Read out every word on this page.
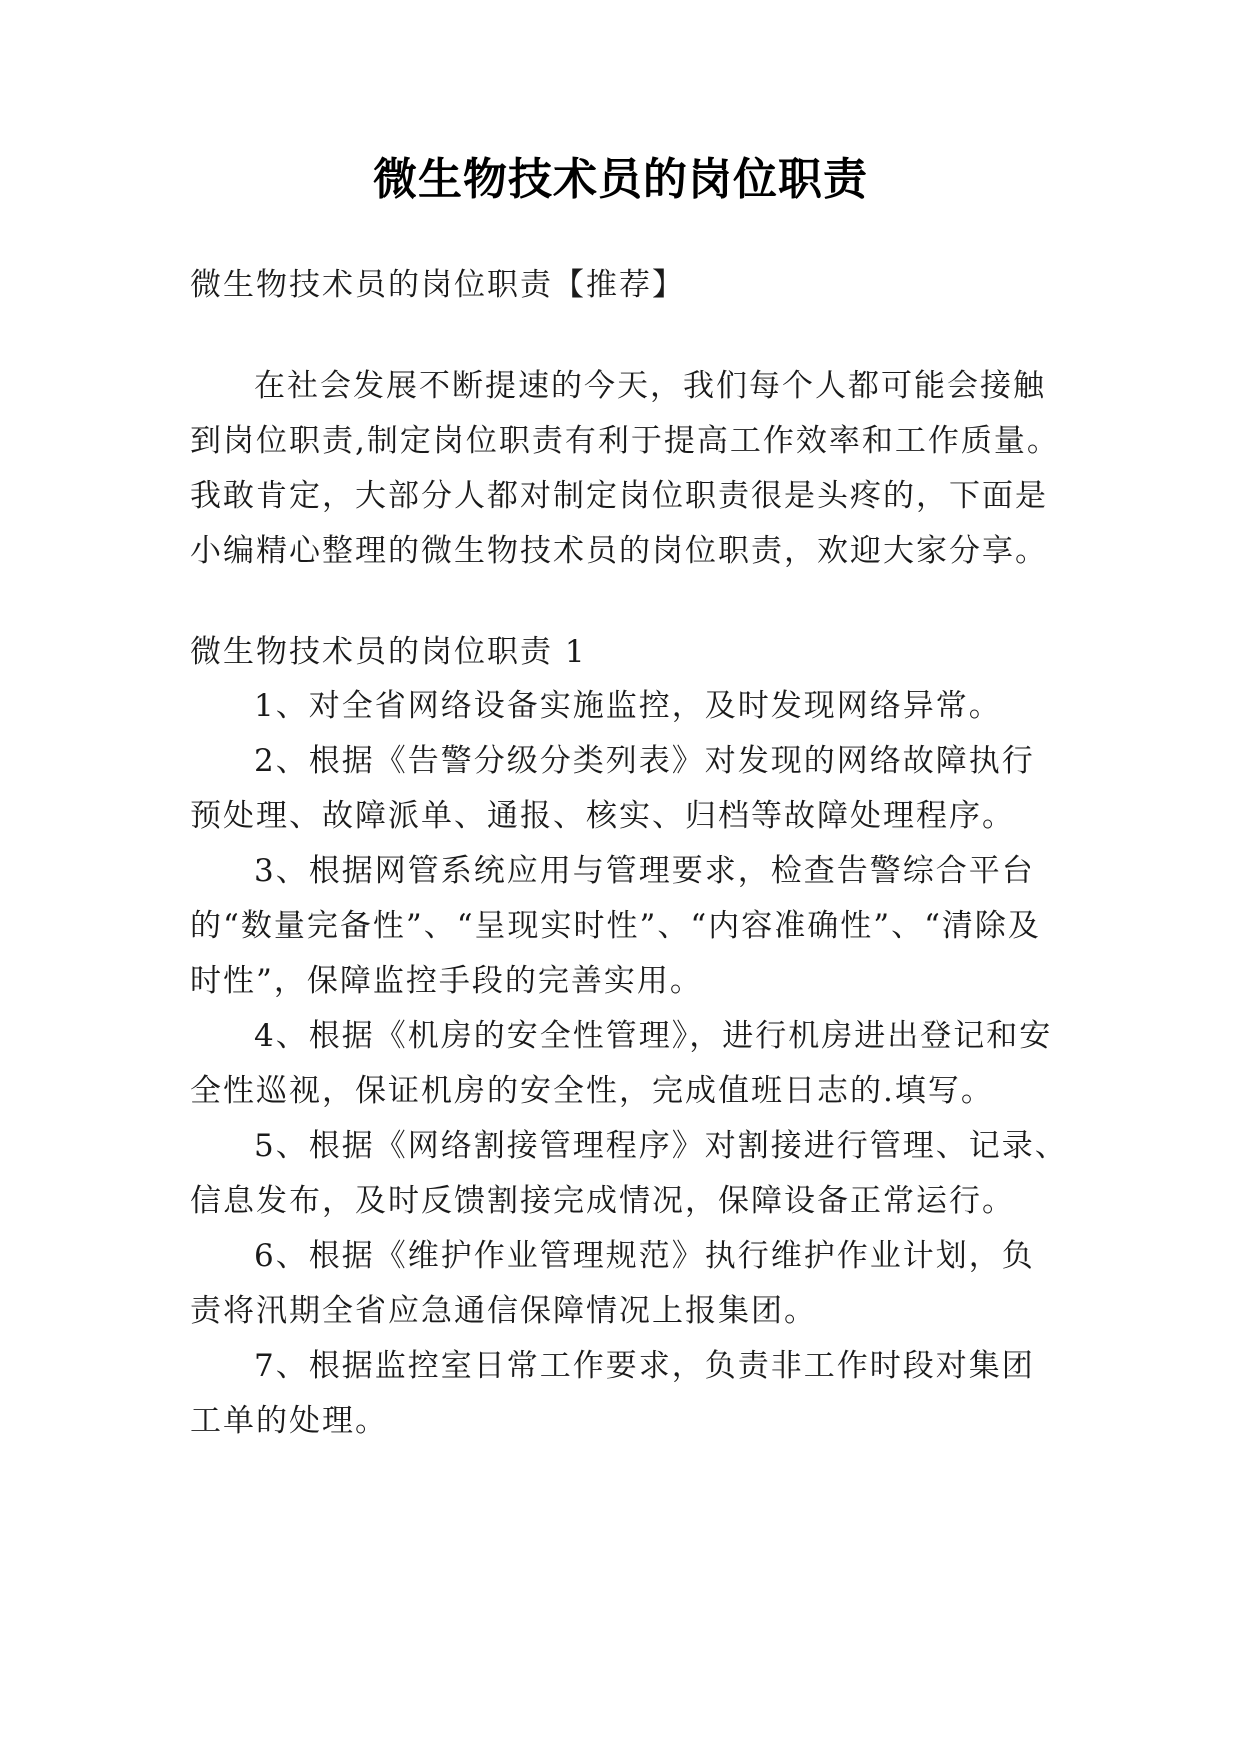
微生物技术员的岗位职责
微生物技术员的岗位职责【推荐】
在社会发展不断提速的今天，我们每个人都可能会接触
到岗位职责,制定岗位职责有利于提高工作效率和工作质量。
我敢肯定，大部分人都对制定岗位职责很是头疼的，下面是
小编精心整理的微生物技术员的岗位职责，欢迎大家分享。
微生物技术员的岗位职责 1
1、对全省网络设备实施监控，及时发现网络异常。
2、根据《告警分级分类列表》对发现的网络故障执行
预处理、故障派单、通报、核实、归档等故障处理程序。
3、根据网管系统应用与管理要求，检查告警综合平台
的“数量完备性”、“呈现实时性”、“内容准确性”、“清除及
时性”，保障监控手段的完善实用。
4、根据《机房的安全性管理》，进行机房进出登记和安
全性巡视，保证机房的安全性，完成值班日志的.填写。
5、根据《网络割接管理程序》对割接进行管理、记录、
信息发布，及时反馈割接完成情况，保障设备正常运行。
6、根据《维护作业管理规范》执行维护作业计划，负
责将汛期全省应急通信保障情况上报集团。
7、根据监控室日常工作要求，负责非工作时段对集团
工单的处理。
